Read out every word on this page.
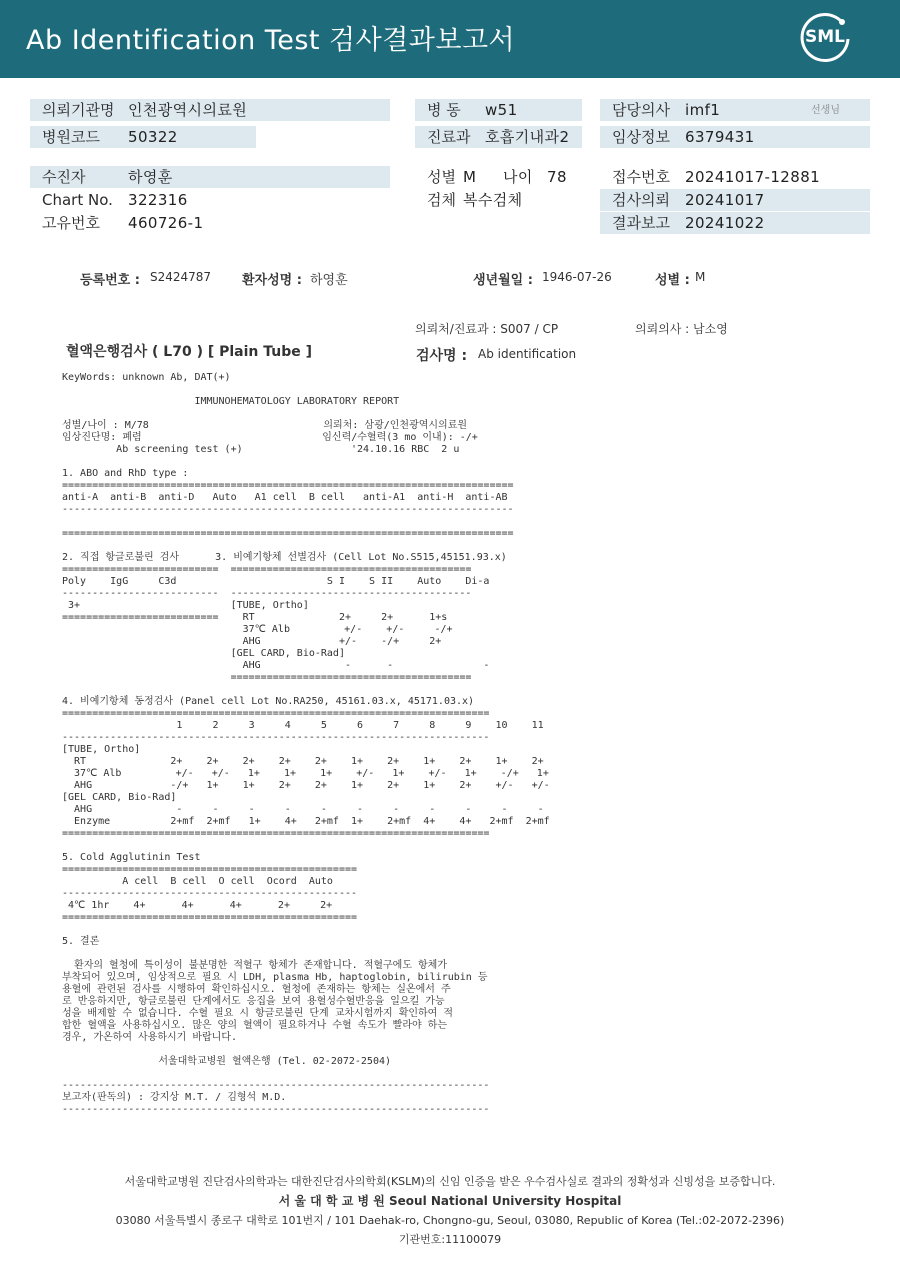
Ab Identification Test 검사결과보고서	SML
의뢰기관명 인천광역시의료원
병원코드 50322
병 동 w51
진료과 호흡기내과2
담당의사 imf1	선생님
임상정보 6379431
수진자	하영훈
Chart No. 322316
고유번호 460726-1
성별 M 나이 78
검체 복수검체
접수번호 20241017-12881
검사의뢰 20241017
결과보고 20241022
등록번호 : S2424787 환자성명 : 하영훈	생년월일 : 1946-07-26	성별 : M
의뢰처/진료과 : S007 / CP	의뢰의사 : 남소영
혈액은행검사 ( L70 ) [ Plain Tube ]	검사명 : Ab identification
KeyWords: unknown Ab, DAT(+)

IMMUNOHEMATOLOGY LABORATORY REPORT

성별/나이 : M/78                             의뢰처: 삼광/인천광역시의료원
임상진단명: 폐렴                              임신력/수혈력(3 mo 이내): -/+
Ab screening test (+)                  '24.10.16 RBC  2 u

1. ABO and RhD type :
===========================================================================
anti-A  anti-B  anti-D   Auto   A1 cell  B cell   anti-A1  anti-H  anti-AB
---------------------------------------------------------------------------

===========================================================================

2. 직접 항글로불린 검사      3. 비예기항체 선별검사 (Cell Lot No.S515,45151.93.x)
==========================  ========================================
Poly    IgG     C3d                         S I    S II    Auto    Di-a
--------------------------  ----------------------------------------
3+                         [TUBE, Ortho]
==========================    RT              2+     2+      1+s
37℃ Alb         +/-    +/-     -/+
AHG             +/-    -/+     2+
[GEL CARD, Bio-Rad]
AHG              -      -               -
========================================

4. 비예기항체 동정검사 (Panel cell Lot No.RA250, 45161.03.x, 45171.03.x)
=======================================================================
1     2     3     4     5     6     7     8     9    10    11
-----------------------------------------------------------------------
[TUBE, Ortho]
RT              2+    2+    2+    2+    2+    1+    2+    1+    2+    1+    2+
37℃ Alb         +/-   +/-   1+    1+    1+    +/-   1+    +/-   1+    -/+   1+
AHG             -/+   1+    1+    2+    2+    1+    2+    1+    2+    +/-   +/-
[GEL CARD, Bio-Rad]
AHG              -     -     -     -     -     -     -     -     -     -     -
Enzyme          2+mf  2+mf   1+    4+   2+mf  1+    2+mf  4+    4+   2+mf  2+mf
=======================================================================

5. Cold Agglutinin Test
=================================================
A cell  B cell  O cell  Ocord  Auto
-------------------------------------------------
4℃ 1hr    4+      4+      4+      2+     2+
=================================================

5. 결론

환자의 혈청에 특이성이 불분명한 적혈구 항체가 존재합니다. 적혈구에도 항체가
부착되어 있으며, 임상적으로 필요 시 LDH, plasma Hb, haptoglobin, bilirubin 등
용혈에 관련된 검사를 시행하여 확인하십시오. 혈청에 존재하는 항체는 실온에서 주
로 반응하지만, 항글로불린 단계에서도 응집을 보여 용혈성수혈반응을 일으킬 가능
성을 배제할 수 없습니다. 수혈 필요 시 항글로불린 단계 교차시험까지 확인하여 적
합한 혈액을 사용하십시오. 많은 양의 혈액이 필요하거나 수혈 속도가 빨라야 하는
경우, 가온하여 사용하시기 바랍니다.

서울대학교병원 혈액은행 (Tel. 02-2072-2504)

-----------------------------------------------------------------------
보고자(판독의) : 강지상 M.T. / 김형석 M.D.
-----------------------------------------------------------------------
서울대학교병원 진단검사의학과는 대한진단검사의학회(KSLM)의 신임 인증을 받은 우수검사실로 결과의 정확성과 신빙성을 보증합니다.
서 울 대 학 교 병 원 Seoul National University Hospital
03080 서울특별시 종로구 대학로 101번지 / 101 Daehak-ro, Chongno-gu, Seoul, 03080, Republic of Korea (Tel.:02-2072-2396)
기관번호:11100079
